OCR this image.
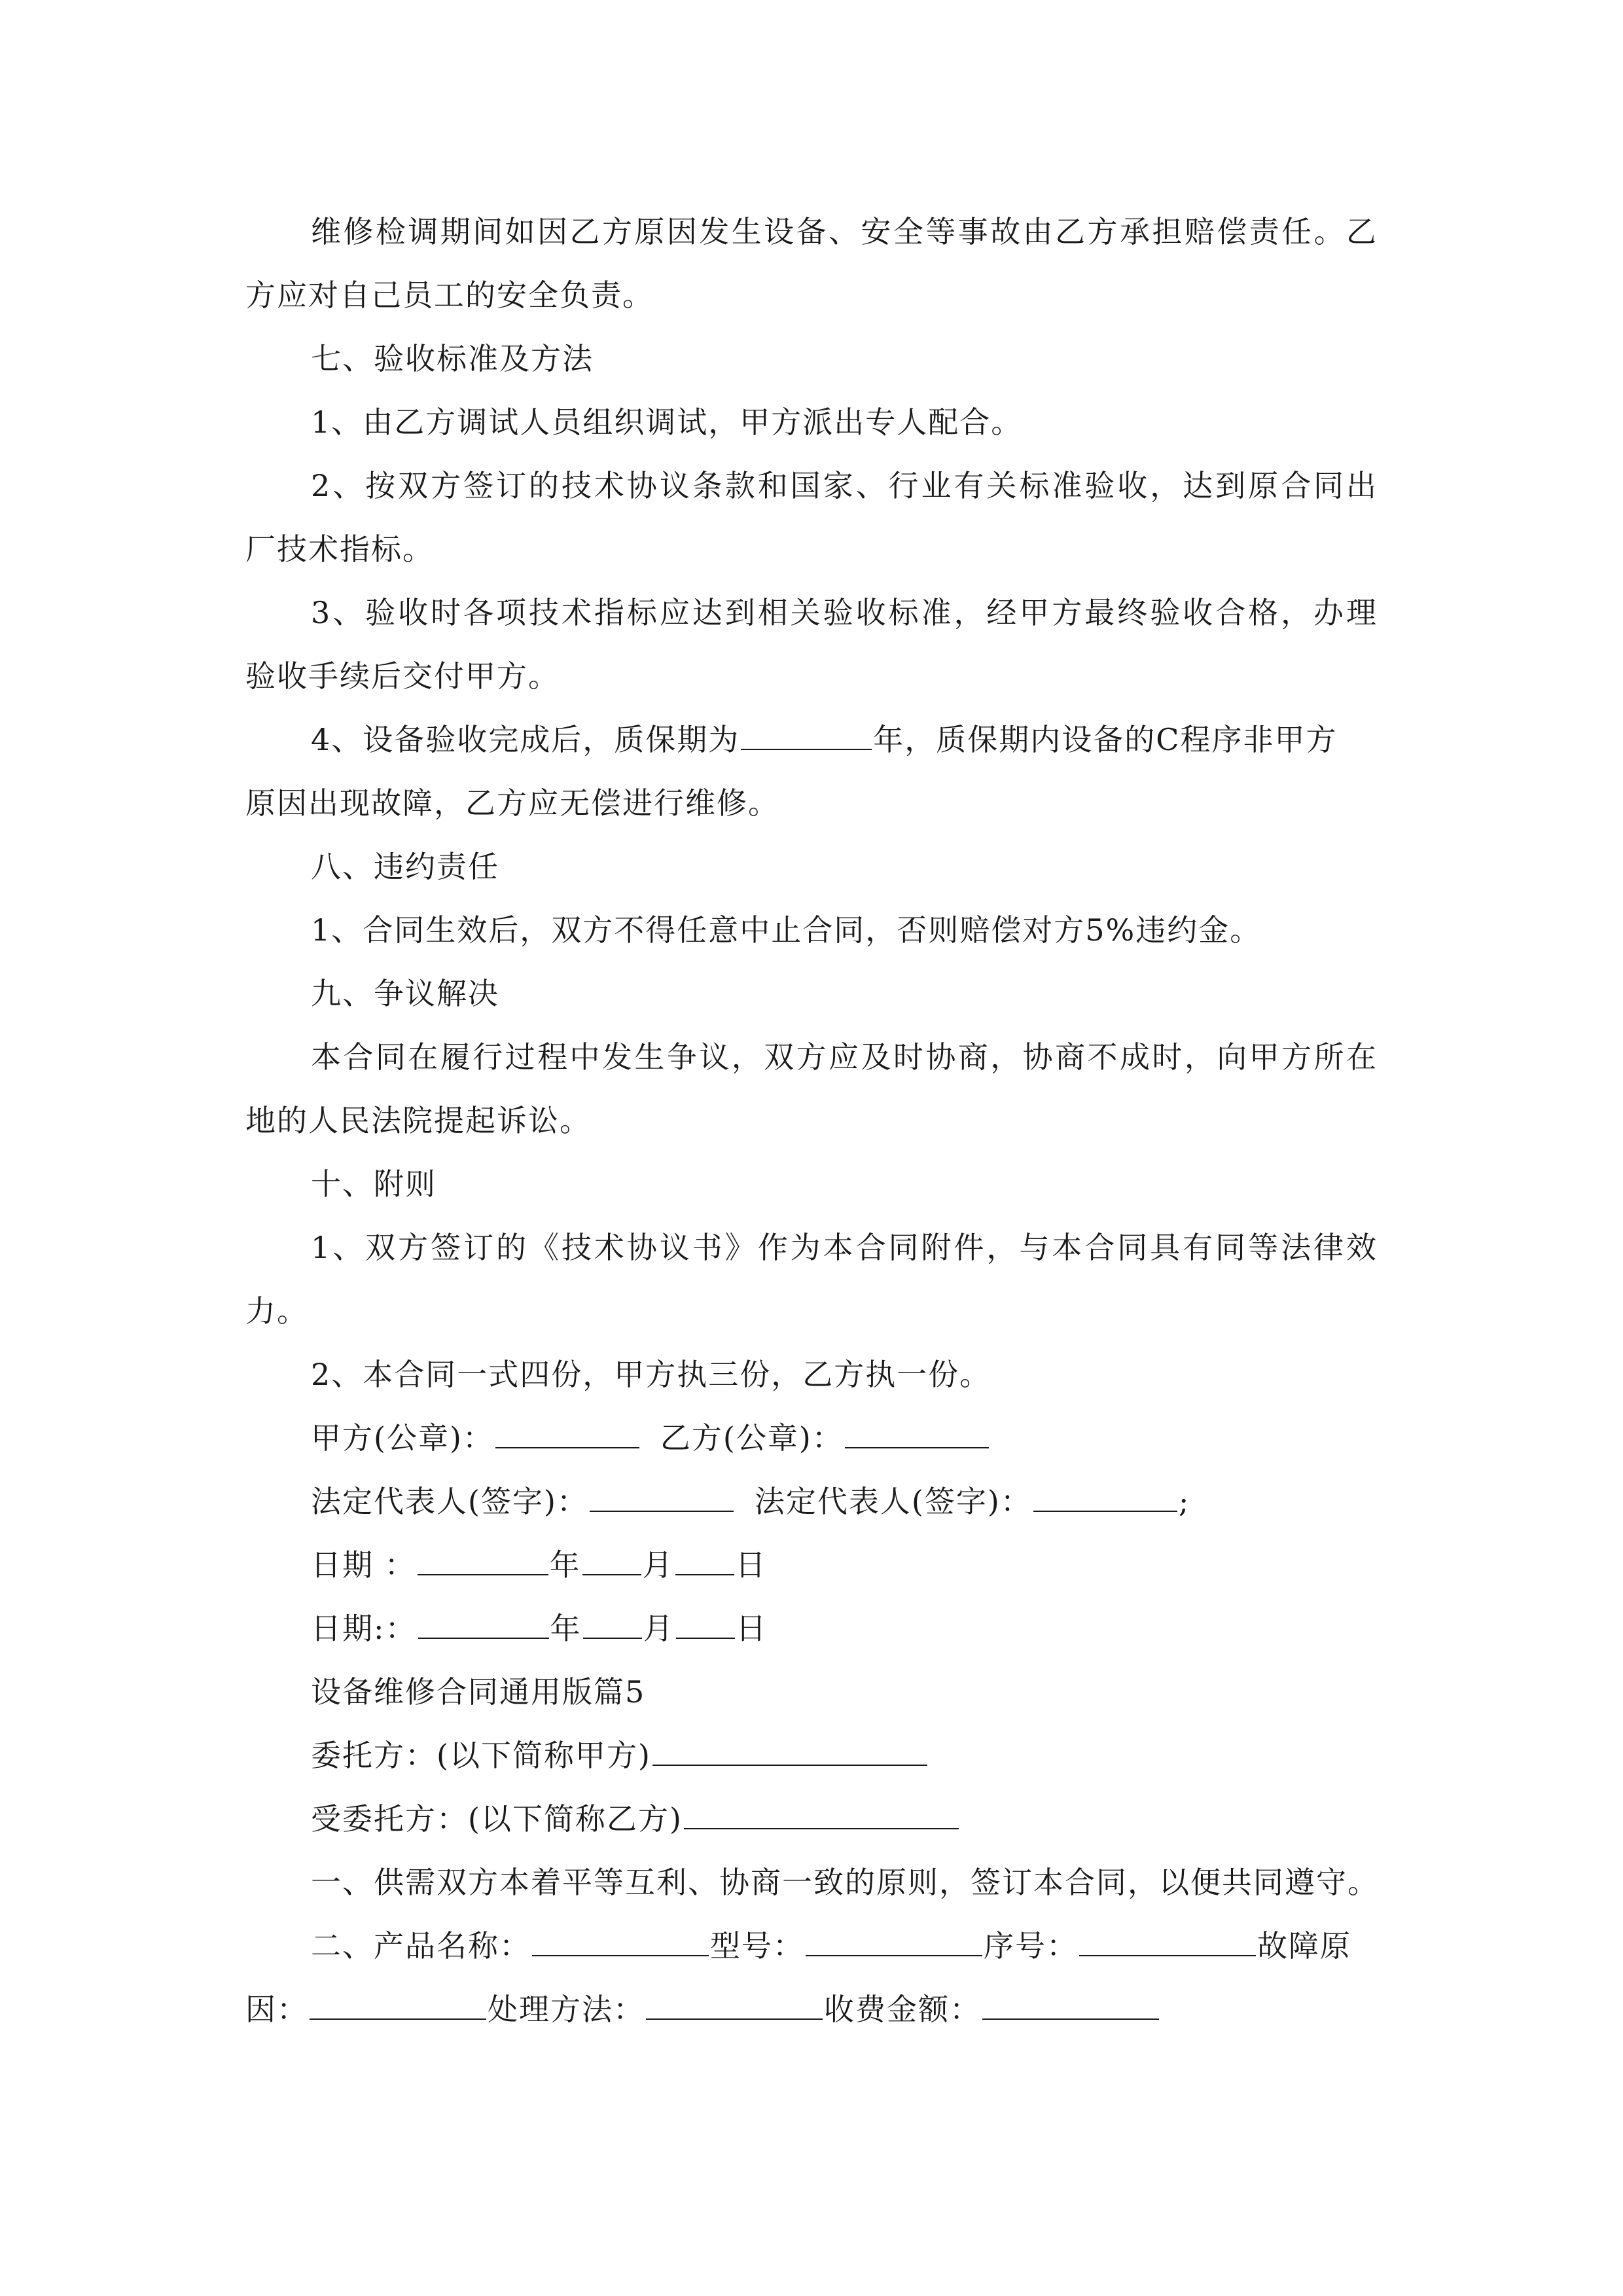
维修检调期间如因乙方原因发生设备、安全等事故由乙方承担赔偿责任。乙
方应对自己员工的安全负责。
七、验收标准及方法
1、由乙方调试人员组织调试，甲方派出专人配合。
2、按双方签订的技术协议条款和国家、行业有关标准验收，达到原合同出
厂技术指标。
3、验收时各项技术指标应达到相关验收标准，经甲方最终验收合格，办理
验收手续后交付甲方。
4、设备验收完成后，质保期为	年，质保期内设备的C程序非甲方
原因出现故障，乙方应无偿进行维修。
八、违约责任
1、合同生效后，双方不得任意中止合同，否则赔偿对方5%违约金。
九、争议解决
本合同在履行过程中发生争议，双方应及时协商，协商不成时，向甲方所在
地的人民法院提起诉讼。
十、附则
1、双方签订的《技术协议书》作为本合同附件，与本合同具有同等法律效
力。
2、本合同一式四份，甲方执三份，乙方执一份。
甲方(公章)：	乙方(公章)：
法定代表人(签字)：	法定代表人(签字)：	;
日期 ：	年 月 日
日期:：	年 月 日
设备维修合同通用版篇5
委托方：(以下简称甲方)
受委托方：(以下简称乙方)
一、供需双方本着平等互利、协商一致的原则，签订本合同，以便共同遵守。
二、产品名称：	型号：	序号：	故障原
因：	处理方法：	收费金额：
